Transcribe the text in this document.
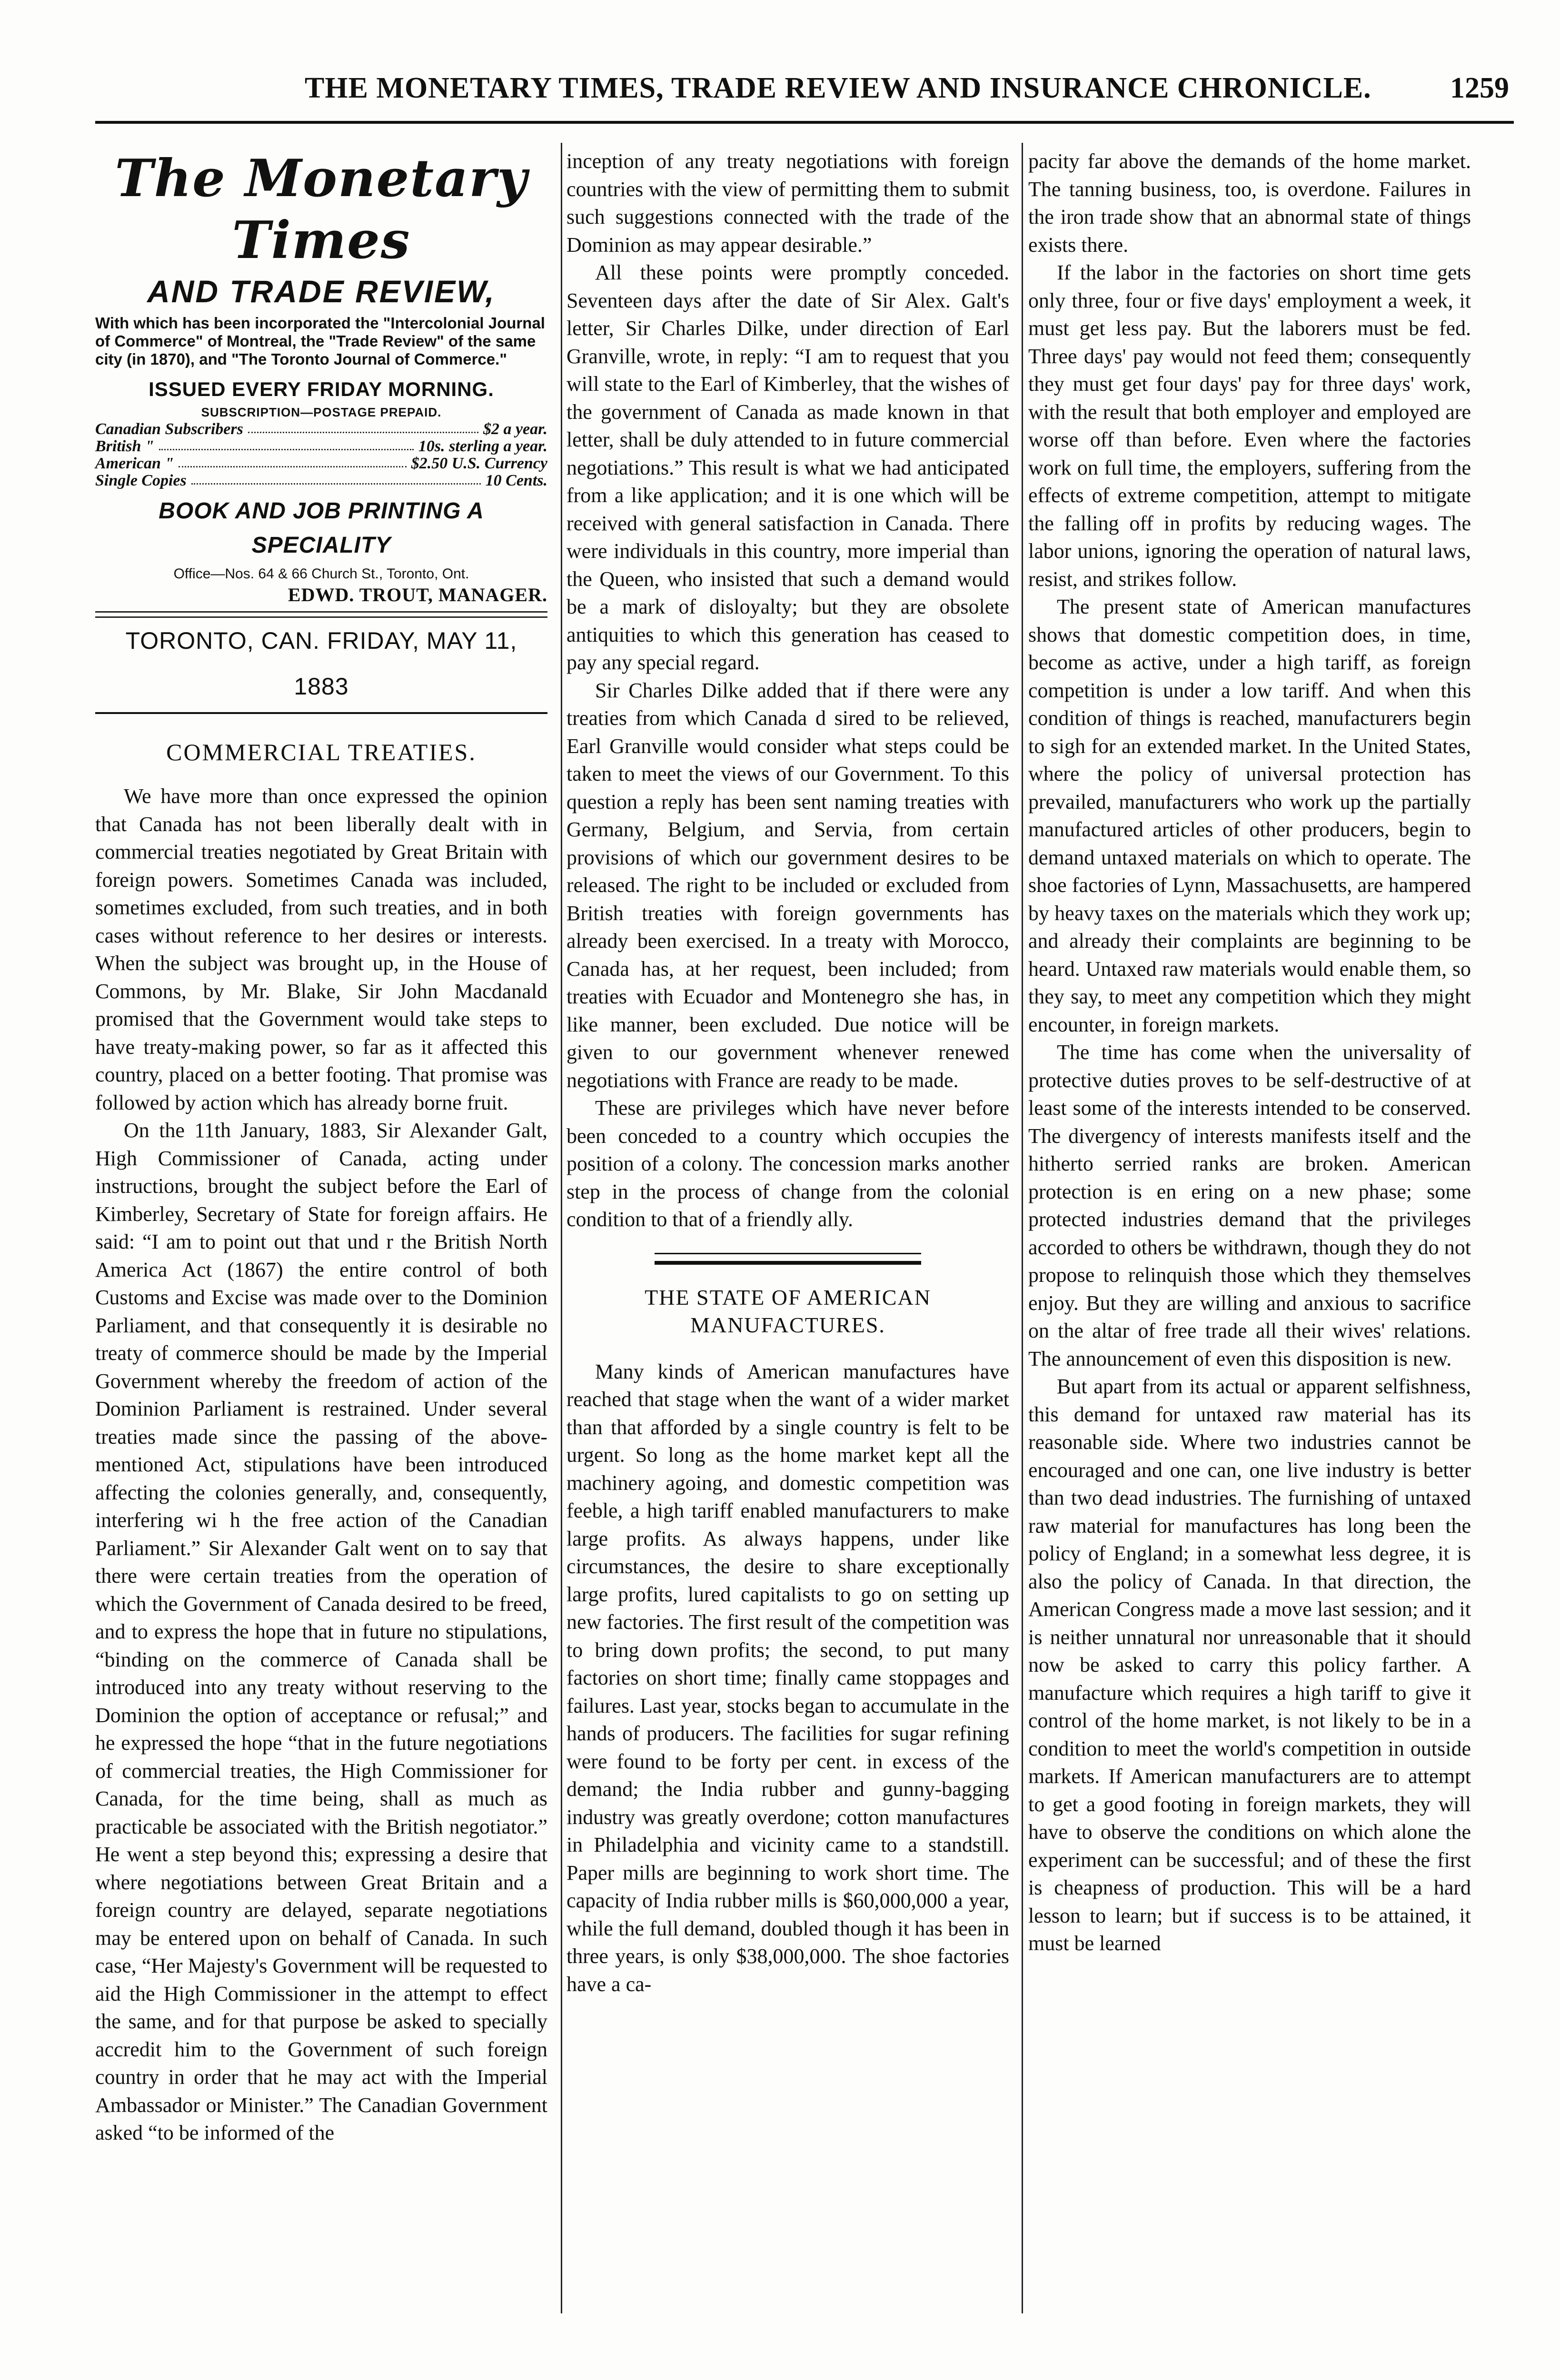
THE MONETARY TIMES, TRADE REVIEW AND INSURANCE CHRONICLE.	1259
The Monetary Times
AND TRADE REVIEW,
With which has been incorporated the "Intercolonial Journal of Commerce" of Montreal, the "Trade Review" of the same city (in 1870), and "The Toronto Journal of Commerce."
ISSUED EVERY FRIDAY MORNING.
SUBSCRIPTION—POSTAGE PREPAID.
Canadian Subscribers	$2 a year.
British "	10s. sterling a year.
American "	$2.50 U.S. Currency
Single Copies	10 Cents.
BOOK AND JOB PRINTING A SPECIALITY
Office—Nos. 64 & 66 Church St., Toronto, Ont.
EDWD. TROUT, MANAGER.
TORONTO, CAN. FRIDAY, MAY 11, 1883
COMMERCIAL TREATIES.

We have more than once expressed the opinion that Canada has not been liberally dealt with in commercial treaties negotiated by Great Britain with foreign powers. Sometimes Canada was included, sometimes excluded, from such treaties, and in both cases without reference to her desires or interests. When the subject was brought up, in the House of Commons, by Mr. Blake, Sir John Macdanald promised that the Government would take steps to have treaty-making power, so far as it affected this country, placed on a better footing. That promise was followed by action which has already borne fruit.

On the 11th January, 1883, Sir Alexander Galt, High Commissioner of Canada, acting under instructions, brought the subject before the Earl of Kimberley, Secretary of State for foreign affairs. He said: “I am to point out that und r the British North America Act (1867) the entire control of both Customs and Excise was made over to the Dominion Parliament, and that consequently it is desirable no treaty of commerce should be made by the Imperial Government whereby the freedom of action of the Dominion Parliament is restrained. Under several treaties made since the passing of the above-mentioned Act, stipulations have been introduced affecting the colonies generally, and, consequently, interfering wi h the free action of the Canadian Parliament.” Sir Alexander Galt went on to say that there were certain treaties from the operation of which the Government of Canada desired to be freed, and to express the hope that in future no stipulations, “binding on the commerce of Canada shall be introduced into any treaty without reserving to the Dominion the option of acceptance or refusal;” and he expressed the hope “that in the future negotiations of commercial treaties, the High Commissioner for Canada, for the time being, shall as much as practicable be associated with the British negotiator.” He went a step beyond this; expressing a desire that where negotiations between Great Britain and a foreign country are delayed, separate negotiations may be entered upon on behalf of Canada. In such case, “Her Majesty's Government will be requested to aid the High Commissioner in the attempt to effect the same, and for that purpose be asked to specially accredit him to the Government of such foreign country in order that he may act with the Imperial Ambassador or Minister.” The Canadian Government asked “to be informed of the

inception of any treaty negotiations with foreign countries with the view of permitting them to submit such suggestions connected with the trade of the Dominion as may appear desirable.”

All these points were promptly conceded. Seventeen days after the date of Sir Alex. Galt's letter, Sir Charles Dilke, under direction of Earl Granville, wrote, in reply: “I am to request that you will state to the Earl of Kimberley, that the wishes of the government of Canada as made known in that letter, shall be duly attended to in future commercial negotiations.” This result is what we had anticipated from a like application; and it is one which will be received with general satisfaction in Canada. There were individuals in this country, more imperial than the Queen, who insisted that such a demand would be a mark of disloyalty; but they are obsolete antiquities to which this generation has ceased to pay any special regard.

Sir Charles Dilke added that if there were any treaties from which Canada d sired to be relieved, Earl Granville would consider what steps could be taken to meet the views of our Government. To this question a reply has been sent naming treaties with Germany, Belgium, and Servia, from certain provisions of which our government desires to be released. The right to be included or excluded from British treaties with foreign governments has already been exercised. In a treaty with Morocco, Canada has, at her request, been included; from treaties with Ecuador and Montenegro she has, in like manner, been excluded. Due notice will be given to our government whenever renewed negotiations with France are ready to be made.

These are privileges which have never before been conceded to a country which occupies the position of a colony. The concession marks another step in the process of change from the colonial condition to that of a friendly ally.

THE STATE OF AMERICAN MANUFACTURES.

Many kinds of American manufactures have reached that stage when the want of a wider market than that afforded by a single country is felt to be urgent. So long as the home market kept all the machinery agoing, and domestic competition was feeble, a high tariff enabled manufacturers to make large profits. As always happens, under like circumstances, the desire to share exceptionally large profits, lured capitalists to go on setting up new factories. The first result of the competition was to bring down profits; the second, to put many factories on short time; finally came stoppages and failures. Last year, stocks began to accumulate in the hands of producers. The facilities for sugar refining were found to be forty per cent. in excess of the demand; the India rubber and gunny-bagging industry was greatly overdone; cotton manufactures in Philadelphia and vicinity came to a standstill. Paper mills are beginning to work short time. The capacity of India rubber mills is $60,000,000 a year, while the full demand, doubled though it has been in three years, is only $38,000,000. The shoe factories have a ca-

pacity far above the demands of the home market. The tanning business, too, is overdone. Failures in the iron trade show that an abnormal state of things exists there.

If the labor in the factories on short time gets only three, four or five days' employment a week, it must get less pay. But the laborers must be fed. Three days' pay would not feed them; consequently they must get four days' pay for three days' work, with the result that both employer and employed are worse off than before. Even where the factories work on full time, the employers, suffering from the effects of extreme competition, attempt to mitigate the falling off in profits by reducing wages. The labor unions, ignoring the operation of natural laws, resist, and strikes follow.

The present state of American manufactures shows that domestic competition does, in time, become as active, under a high tariff, as foreign competition is under a low tariff. And when this condition of things is reached, manufacturers begin to sigh for an extended market. In the United States, where the policy of universal protection has prevailed, manufacturers who work up the partially manufactured articles of other producers, begin to demand untaxed materials on which to operate. The shoe factories of Lynn, Massachusetts, are hampered by heavy taxes on the materials which they work up; and already their complaints are beginning to be heard. Untaxed raw materials would enable them, so they say, to meet any competition which they might encounter, in foreign markets.

The time has come when the universality of protective duties proves to be self-destructive of at least some of the interests intended to be conserved. The divergency of interests manifests itself and the hitherto serried ranks are broken. American protection is en ering on a new phase; some protected industries demand that the privileges accorded to others be withdrawn, though they do not propose to relinquish those which they themselves enjoy. But they are willing and anxious to sacrifice on the altar of free trade all their wives' relations. The announcement of even this disposition is new.

But apart from its actual or apparent selfishness, this demand for untaxed raw material has its reasonable side. Where two industries cannot be encouraged and one can, one live industry is better than two dead industries. The furnishing of untaxed raw material for manufactures has long been the policy of England; in a somewhat less degree, it is also the policy of Canada. In that direction, the American Congress made a move last session; and it is neither unnatural nor unreasonable that it should now be asked to carry this policy farther. A manufacture which requires a high tariff to give it control of the home market, is not likely to be in a condition to meet the world's competition in outside markets. If American manufacturers are to attempt to get a good footing in foreign markets, they will have to observe the conditions on which alone the experiment can be successful; and of these the first is cheapness of production. This will be a hard lesson to learn; but if success is to be attained, it must be learned
